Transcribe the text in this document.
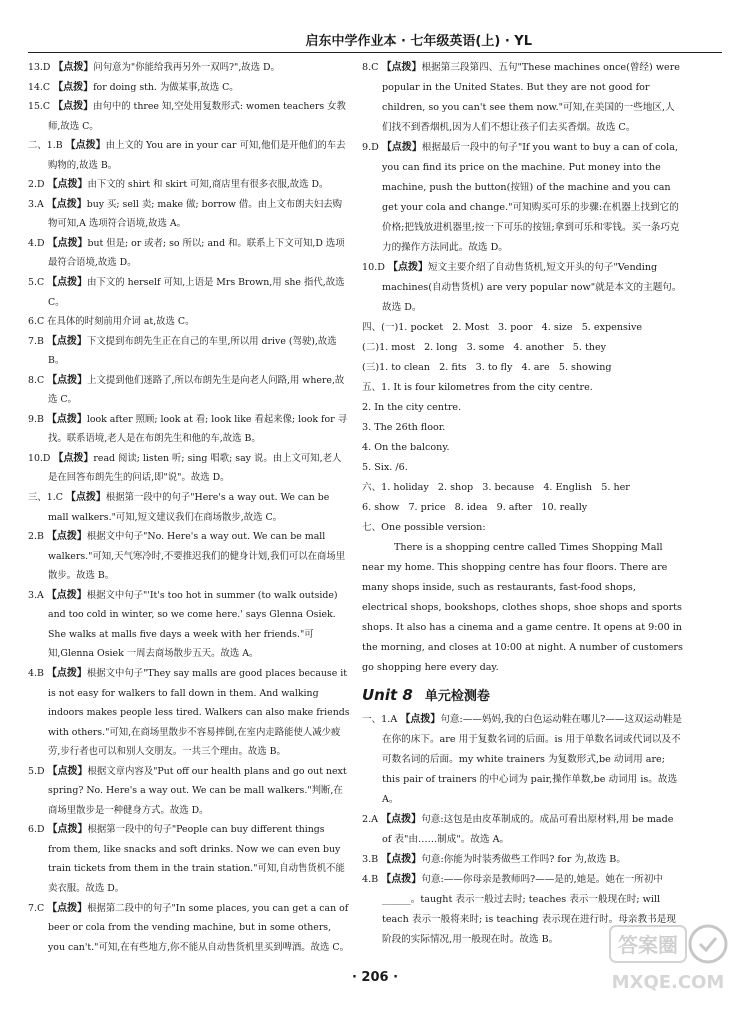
启东中学作业本 · 七年级英语(上) · YL

13.D 【点拨】问句意为"你能给我再另外一双吗?",故选 D。

14.C 【点拨】for doing sth. 为做某事,故选 C。

15.C 【点拨】由句中的 three 知,空处用复数形式: women teachers 女教师,故选 C。

二、1.B 【点拨】由上文的 You are in your car 可知,他们是开他们的车去购物的,故选 B。

2.D 【点拨】由下文的 shirt 和 skirt 可知,商店里有很多衣服,故选 D。

3.A 【点拨】buy 买; sell 卖; make 做; borrow 借。由上文布朗夫妇去购物可知,A 选项符合语境,故选 A。

4.D 【点拨】but 但是; or 或者; so 所以; and 和。联系上下文可知,D 选项最符合语境,故选 D。

5.C 【点拨】由下文的 herself 可知,上语是 Mrs Brown,用 she 指代,故选 C。

6.C 在具体的时刻前用介词 at,故选 C。

7.B 【点拨】下文提到布朗先生正在自己的车里,所以用 drive (驾驶),故选 B。

8.C 【点拨】上文提到他们迷路了,所以布朗先生是向老人问路,用 where,故选 C。

9.B 【点拨】look after 照顾; look at 看; look like 看起来像; look for 寻找。联系语境,老人是在布朗先生和他的车,故选 B。

10.D 【点拨】read 阅读; listen 听; sing 唱歌; say 说。由上文可知,老人是在回答布朗先生的问话,即"说"。故选 D。

三、1.C 【点拨】根据第一段中的句子"Here's a way out. We can be mall walkers."可知,短文建议我们在商场散步,故选 C。

2.B 【点拨】根据文中句子"No. Here's a way out. We can be mall walkers."可知,天气寒冷时,不要推迟我们的健身计划,我们可以在商场里散步。故选 B。

3.A 【点拨】根据文中句子"'It's too hot in summer (to walk outside) and too cold in winter, so we come here.' says Glenna Osiek. She walks at malls five days a week with her friends."可知,Glenna Osiek 一周去商场散步五天。故选 A。

4.B 【点拨】根据文中句子"They say malls are good places because it is not easy for walkers to fall down in them. And walking indoors makes people less tired. Walkers can also make friends with others."可知,在商场里散步不容易摔倒,在室内走路能使人减少疲劳,步行者也可以和别人交朋友。一共三个理由。故选 B。

5.D 【点拨】根据文章内容及"Put off our health plans and go out next spring? No. Here's a way out. We can be mall walkers."判断,在商场里散步是一种健身方式。故选 D。

6.D 【点拨】根据第一段中的句子"People can buy different things from them, like snacks and soft drinks. Now we can even buy train tickets from them in the train station."可知,自动售货机不能卖衣服。故选 D。

7.C 【点拨】根据第二段中的句子"In some places, you can get a can of beer or cola from the vending machine, but in some others, you can't."可知,在有些地方,你不能从自动售货机里买到啤酒。故选 C。

8.C 【点拨】根据第三段第四、五句"These machines once(曾经) were popular in the United States. But they are not good for children, so you can't see them now."可知,在美国的一些地区,人们找不到香烟机,因为人们不想让孩子们去买香烟。故选 C。

9.D 【点拨】根据最后一段中的句子"If you want to buy a can of cola, you can find its price on the machine. Put money into the machine, push the button(按钮) of the machine and you can get your cola and change."可知购买可乐的步骤:在机器上找到它的价格;把钱放进机器里;按一下可乐的按钮;拿到可乐和零钱。买一条巧克力的操作方法同此。故选 D。

10.D 【点拨】短文主要介绍了自动售货机,短文开头的句子"Vending machines(自动售货机) are very popular now"就是本文的主题句。故选 D。

四、(一)1. pocket   2. Most   3. poor   4. size   5. expensive

(二)1. most   2. long   3. some   4. another   5. they

(三)1. to clean   2. fits   3. to fly   4. are   5. showing

五、1. It is four kilometres from the city centre.

2. In the city centre.

3. The 26th floor.

4. On the balcony.

5. Six. /6.

六、1. holiday   2. shop   3. because   4. English   5. her

6. show   7. price   8. idea   9. after   10. really

七、One possible version:

There is a shopping centre called Times Shopping Mall near my home. This shopping centre has four floors. There are many shops inside, such as restaurants, fast-food shops, electrical shops, bookshops, clothes shops, shoe shops and sports shops. It also has a cinema and a game centre. It opens at 9:00 in the morning, and closes at 10:00 at night. A number of customers go shopping here every day.

Unit 8 单元检测卷

一、1.A 【点拨】句意:——妈妈,我的白色运动鞋在哪儿?——这双运动鞋是在你的床下。are 用于复数名词的后面。is 用于单数名词或代词以及不可数名词的后面。my white trainers 为复数形式,be 动词用 are; this pair of trainers 的中心词为 pair,操作单数,be 动词用 is。故选 A。

2.A 【点拨】句意:这包是由皮革制成的。成品可看出原材料,用 be made of 表"由……制成"。故选 A。

3.B 【点拨】句意:你能为时装秀做些工作吗? for 为,故选 B。

4.B 【点拨】句意:——你母亲是教师吗?——是的,她是。她在一所初中______。taught 表示一般过去时; teaches 表示一般现在时; will teach 表示一般将来时; is teaching 表示现在进行时。母亲教书是现阶段的实际情况,用一般现在时。故选 B。

· 206 ·
答案圈
MXQE.COM
